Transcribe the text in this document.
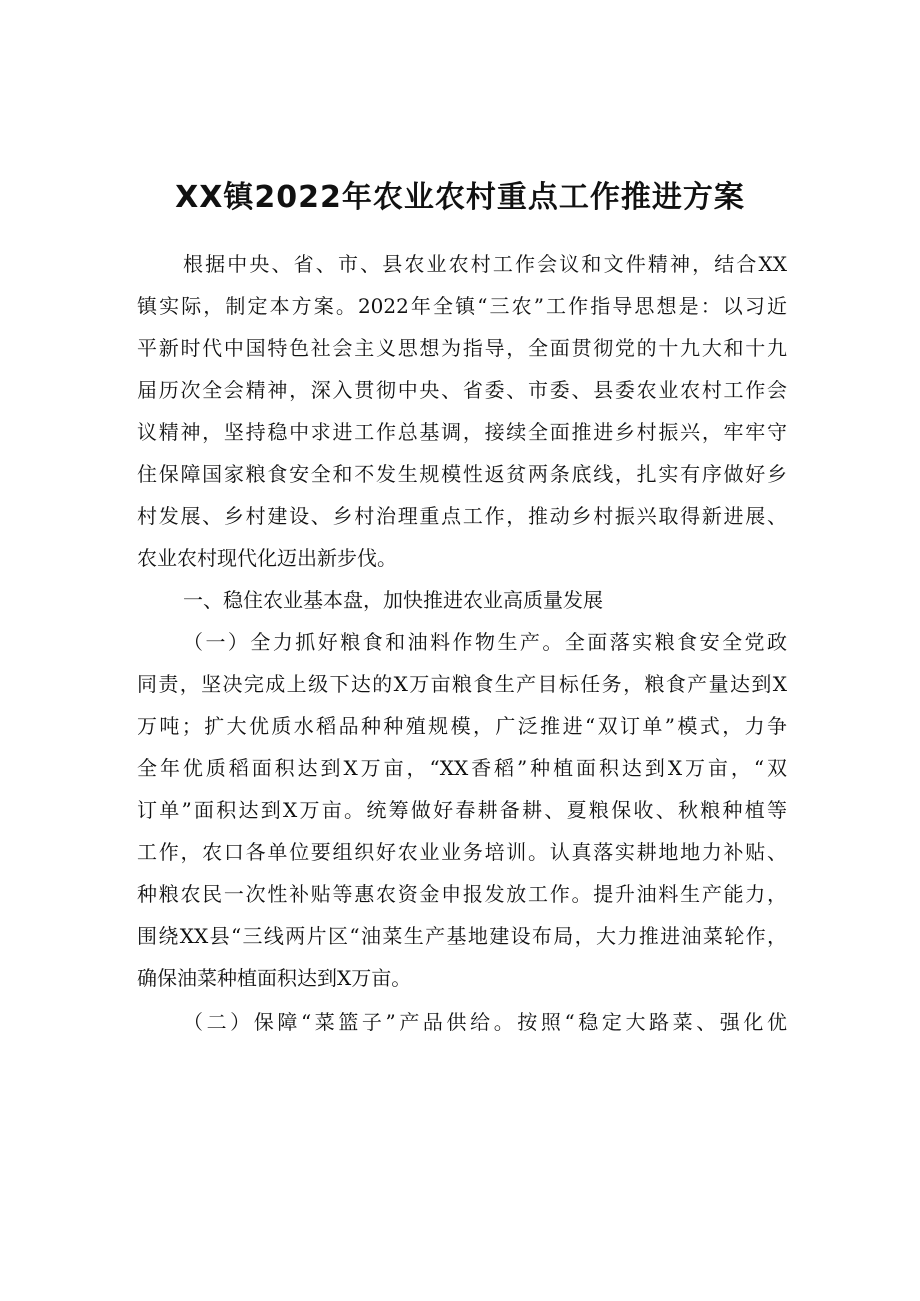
XX镇2022年农业农村重点工作推进方案

根据中央、省、市、县农业农村工作会议和文件精神，结合XX

镇实际，制定本方案。2022年全镇“三农”工作指导思想是：以习近

平新时代中国特色社会主义思想为指导，全面贯彻党的十九大和十九

届历次全会精神，深入贯彻中央、省委、市委、县委农业农村工作会

议精神，坚持稳中求进工作总基调，接续全面推进乡村振兴，牢牢守

住保障国家粮食安全和不发生规模性返贫两条底线，扎实有序做好乡

村发展、乡村建设、乡村治理重点工作，推动乡村振兴取得新进展、

农业农村现代化迈出新步伐。

一、稳住农业基本盘，加快推进农业高质量发展

（一）全力抓好粮食和油料作物生产。全面落实粮食安全党政

同责，坚决完成上级下达的X万亩粮食生产目标任务，粮食产量达到X

万吨；扩大优质水稻品种种殖规模，广泛推进“双订单”模式，力争

全年优质稻面积达到X万亩，“XX香稻”种植面积达到X万亩，“双

订单”面积达到X万亩。统筹做好春耕备耕、夏粮保收、秋粮种植等

工作，农口各单位要组织好农业业务培训。认真落实耕地地力补贴、

种粮农民一次性补贴等惠农资金申报发放工作。提升油料生产能力，

围绕XX县“三线两片区“油菜生产基地建设布局，大力推进油菜轮作，

确保油菜种植面积达到X万亩。

（二）保障“菜篮子”产品供给。按照“稳定大路菜、强化优
